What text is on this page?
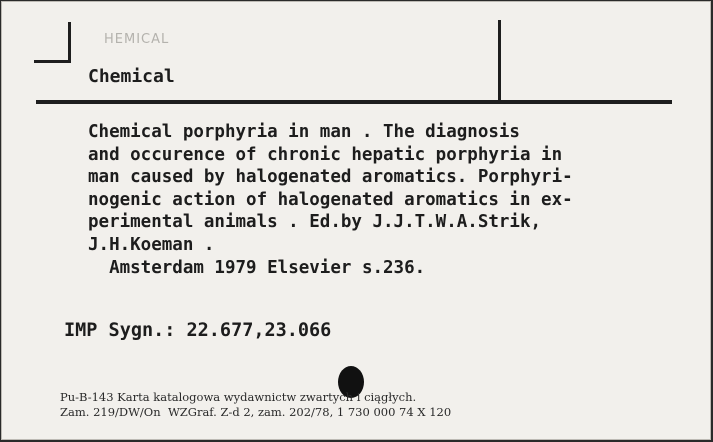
HEMICAL
Chemical
Chemical porphyria in man . The diagnosis
and occurence of chronic hepatic porphyria in
man caused by halogenated aromatics. Porphyri-
nogenic action of halogenated aromatics in ex-
perimental animals . Ed.by J.J.T.W.A.Strik,
J.H.Koeman .
Amsterdam 1979 Elsevier s.236.
IMP Sygn.: 22.677,23.066
Pu-B-143 Karta katalogowa wydawnictw zwartych i ciągłych.
Zam. 219/DW/On  WZGraf. Z-d 2, zam. 202/78, 1 730 000 74 X 120
